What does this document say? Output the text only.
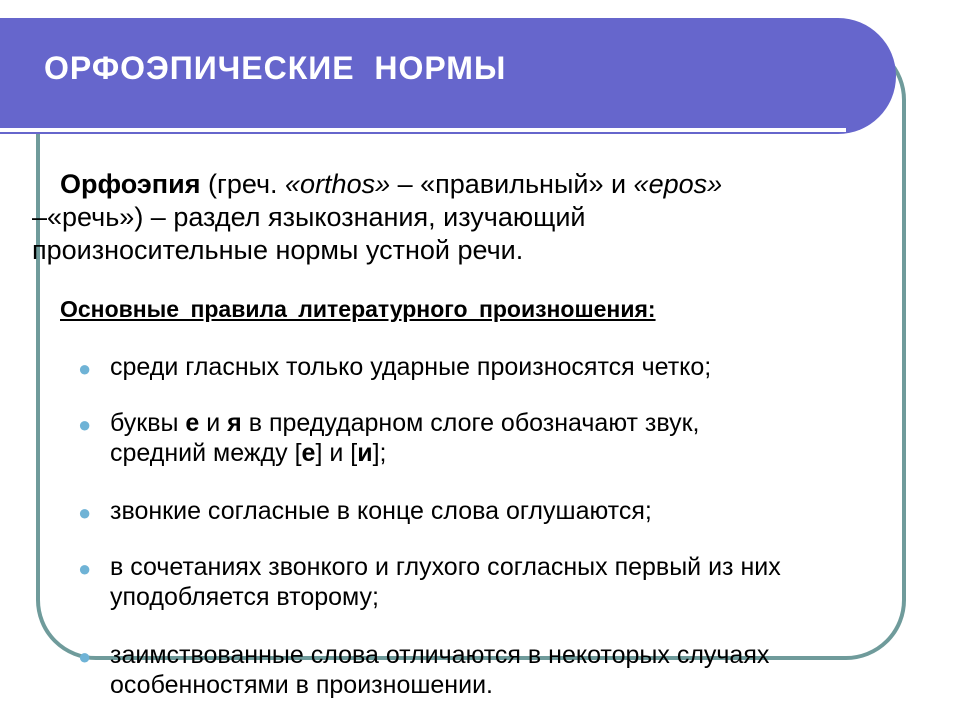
ОРФОЭПИЧЕСКИЕ  НОРМЫ
Орфоэпия (греч. «orthos» – «правильный» и «epos»
–«речь») – раздел языкознания, изучающий
произносительные нормы устной речи.
Основные правила литературного произношения:
● среди гласных только ударные произносятся четко;
● буквы е и я в предударном слоге обозначают звук,
средний между [е] и [и];
● звонкие согласные в конце слова оглушаются;
● в сочетаниях звонкого и глухого согласных первый из них
уподобляется второму;
● заимствованные слова отличаются в некоторых случаях
особенностями в произношении.
